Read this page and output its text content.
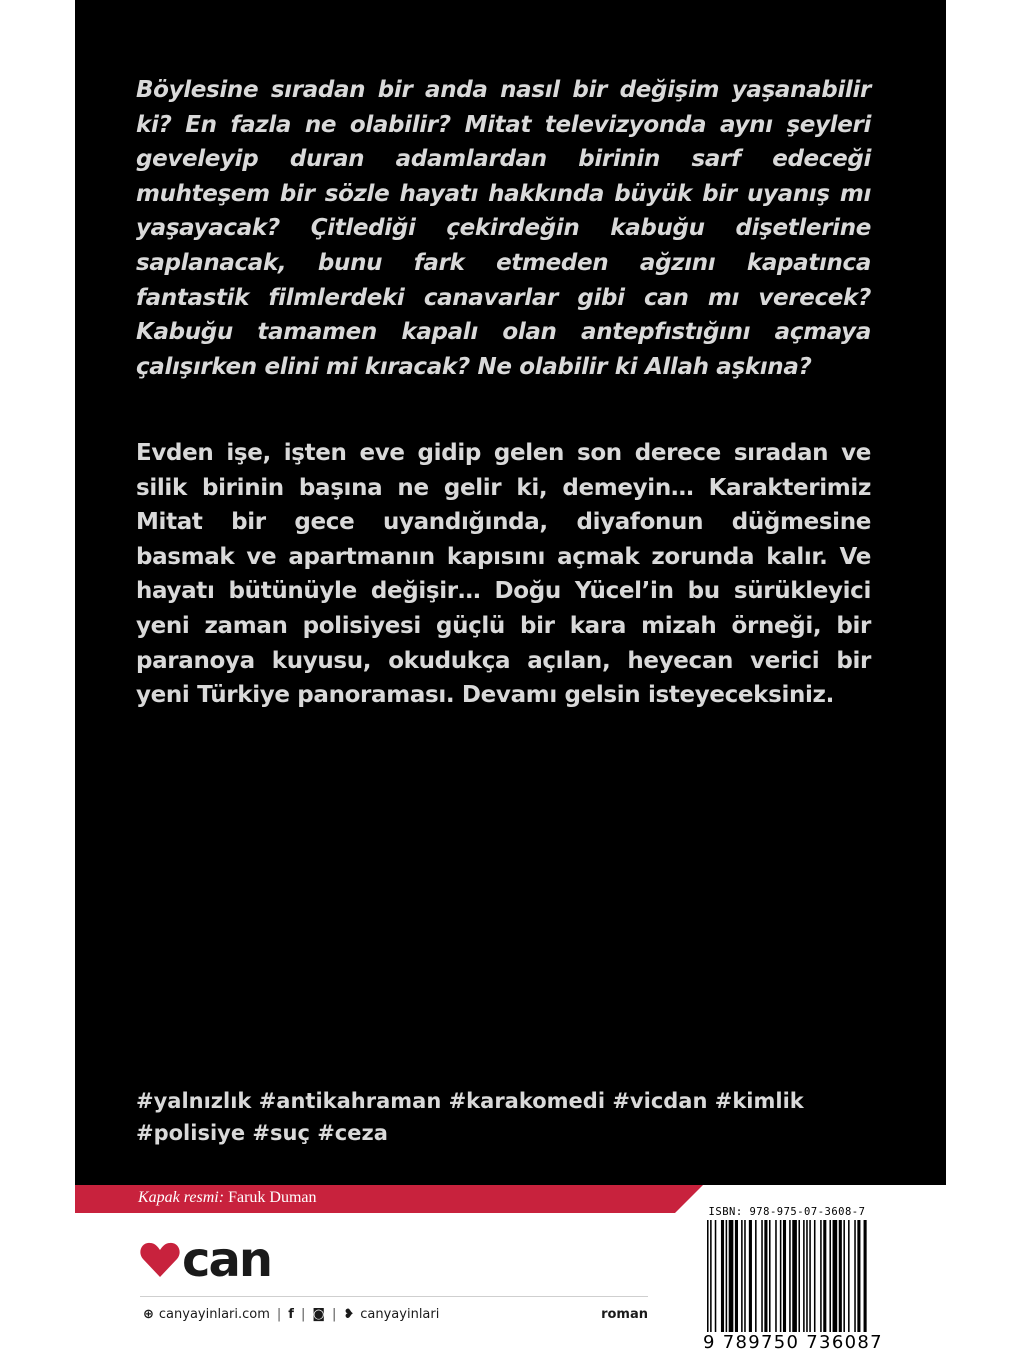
Böylesine sıradan bir anda nasıl bir değişim yaşanabilir ki? En fazla ne olabilir? Mitat televizyonda aynı şeyleri geveleyip duran adamlardan birinin sarf edeceği muhteşem bir sözle hayatı hakkında büyük bir uyanış mı yaşayacak? Çitlediği çekirdeğin kabuğu dişetlerine saplanacak, bunu fark etmeden ağzını kapatınca fantastik filmlerdeki canavarlar gibi can mı verecek? Kabuğu tamamen kapalı olan antepfıstığını açmaya çalışırken elini mi kıracak? Ne olabilir ki Allah aşkına?
Evden işe, işten eve gidip gelen son derece sıradan ve silik birinin başına ne gelir ki, demeyin… Karakterimiz Mitat bir gece uyandığında, diyafonun düğmesine basmak ve apartmanın kapısını açmak zorunda kalır. Ve hayatı bütünüyle değişir… Doğu Yücel’in bu sürükleyici yeni zaman polisiyesi güçlü bir kara mizah örneği, bir paranoya kuyusu, okudukça açılan, heyecan verici bir yeni Türkiye panoraması. Devamı gelsin isteyeceksiniz.
#yalnızlık #antikahraman #karakomedi #vicdan #kimlik #polisiye #suç #ceza
Kapak resmi: Faruk Duman
can
⊕ canyayinlari.com | f | ◙ | ❥ canyayinlari	roman
ISBN: 978-975-07-3608-7
9 789750 736087
